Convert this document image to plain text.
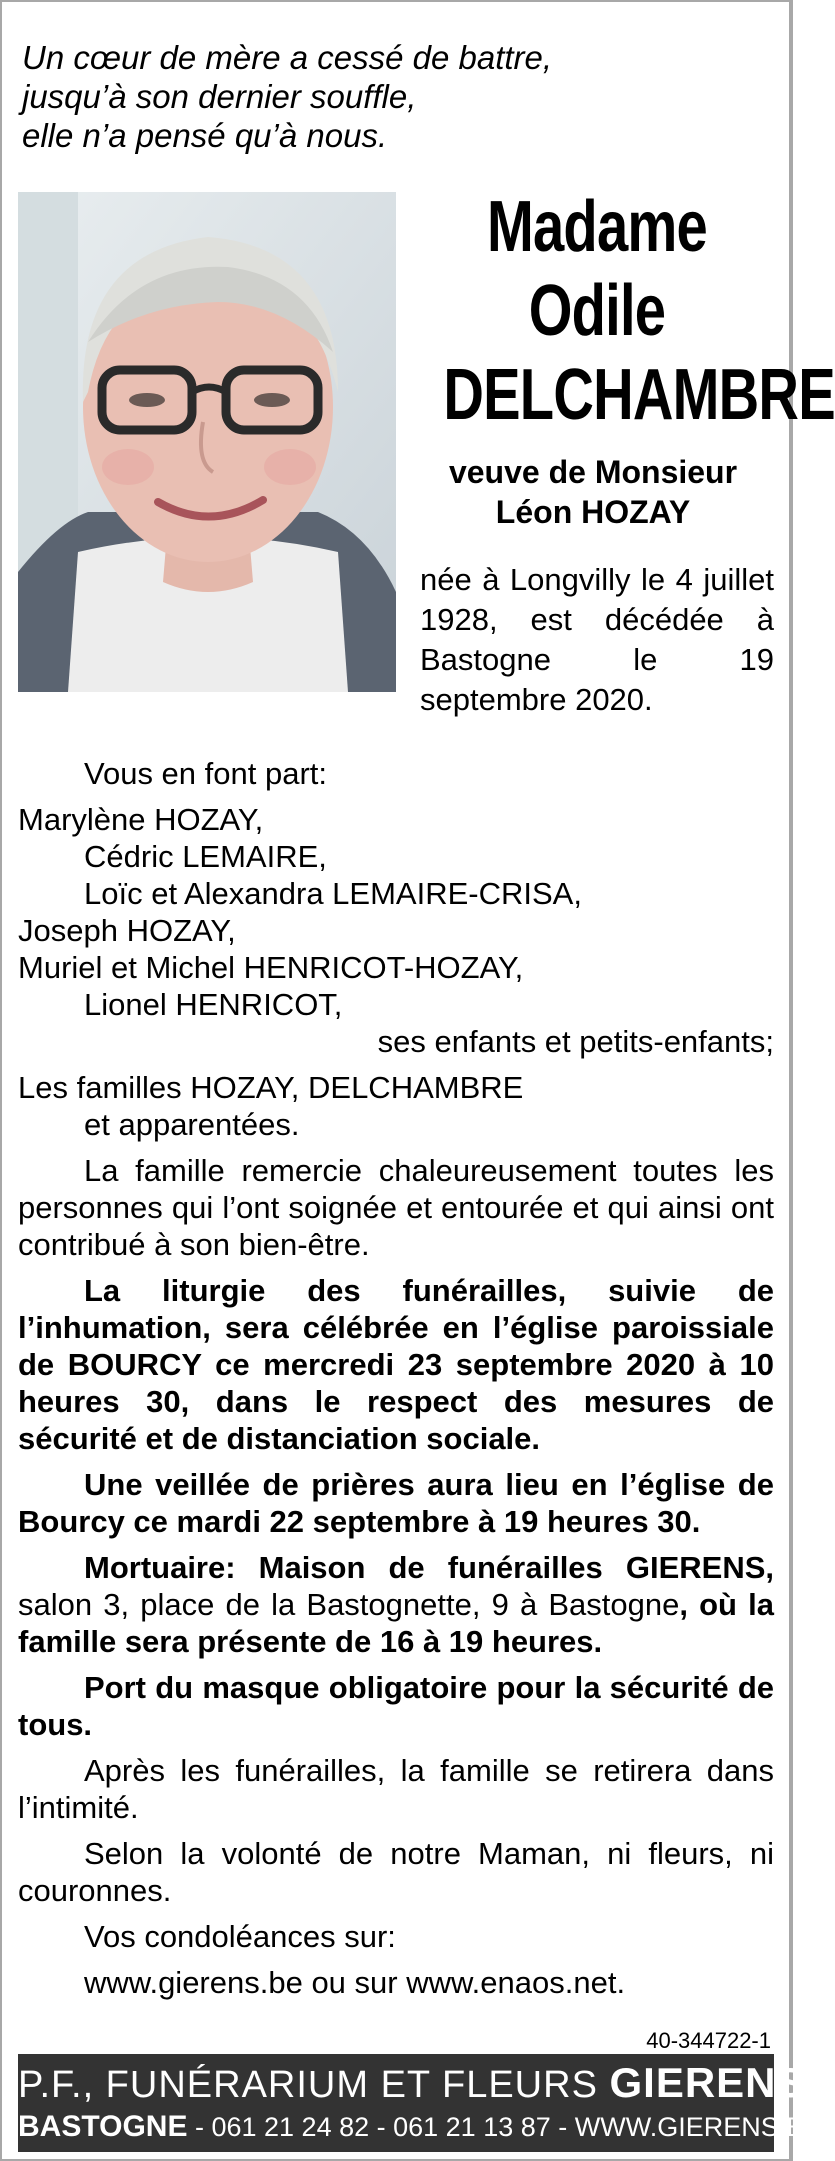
Un cœur de mère a cessé de battre,
jusqu’à son dernier souffle,
elle n’a pensé qu’à nous.
Madame
Odile
DELCHAMBRE
veuve de Monsieur
Léon HOZAY
née à Longvilly le 4 juillet 1928, est décédée à Bastogne le 19 septembre 2020.

Vous en font part:

Marylène HOZAY,

Cédric LEMAIRE,

Loïc et Alexandra LEMAIRE-CRISA,

Joseph HOZAY,

Muriel et Michel HENRICOT-HOZAY,

Lionel HENRICOT,

ses enfants et petits-enfants;

Les familles HOZAY, DELCHAMBRE

et apparentées.

La famille remercie chaleureusement toutes les personnes qui l’ont soignée et entourée et qui ainsi ont contribué à son bien-être.

La liturgie des funérailles, suivie de l’inhumation, sera célébrée en l’église paroissiale de BOURCY ce mercredi 23 septembre 2020 à 10 heures 30, dans le respect des mesures de sécurité et de distanciation sociale.

Une veillée de prières aura lieu en l’église de Bourcy ce mardi 22 septembre à 19 heures 30.

Mortuaire: Maison de funérailles GIERENS, salon 3, place de la Bastognette, 9 à Bastogne, où la famille sera présente de 16 à 19 heures.

Port du masque obligatoire pour la sécurité de tous.

Après les funérailles, la famille se retirera dans l’intimité.

Selon la volonté de notre Maman, ni fleurs, ni couronnes.

Vos condoléances sur:

www.gierens.be ou sur www.enaos.net.

40-344722-1
P.F., FUNÉRARIUM ET FLEURS GIERENS
BASTOGNE - 061 21 24 82 - 061 21 13 87 - WWW.GIERENS.BE
